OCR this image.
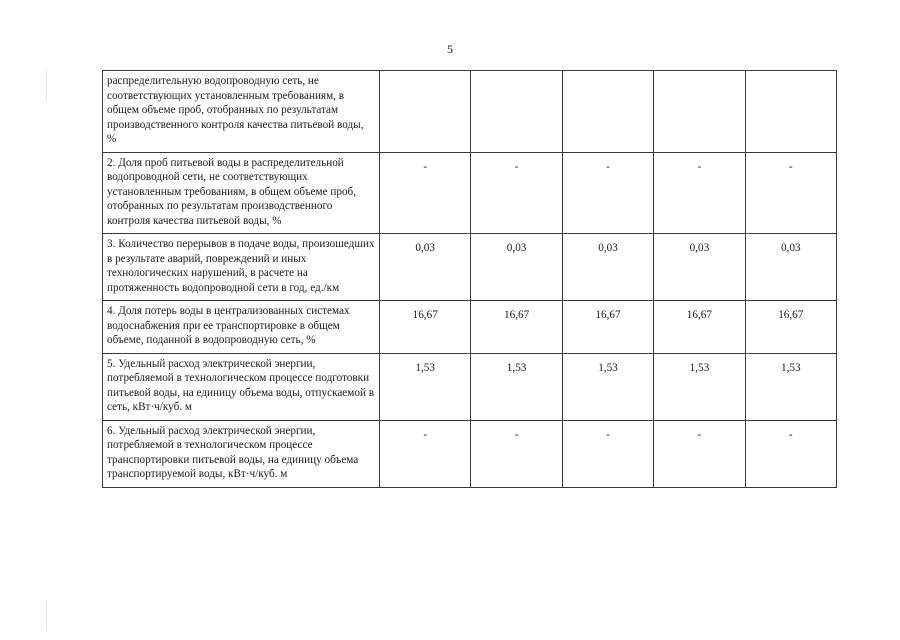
5
распределительную водопроводную сеть, не соответствующих установленным требованиям, в общем объеме проб, отобранных по результатам производственного контроля качества питьевой воды, %					
2. Доля проб питьевой воды в распределительной водопроводной сети, не соответствующих установленным требованиям, в общем объеме проб, отобранных по результатам производственного контроля качества питьевой воды, %	-	-	-	-	-
3. Количество перерывов в подаче воды, произошедших в результате аварий, повреждений и иных технологических нарушений, в расчете на протяженность водопроводной сети в год, ед./км	0,03	0,03	0,03	0,03	0,03
4. Доля потерь воды в централизованных системах водоснабжения при ее транспортировке в общем объеме, поданной в водопроводную сеть, %	16,67	16,67	16,67	16,67	16,67
5. Удельный расход электрической энергии, потребляемой в технологическом процессе подготовки питьевой воды, на единицу объема воды, отпускаемой в сеть, кВт·ч/куб. м	1,53	1,53	1,53	1,53	1,53
6. Удельный расход электрической энергии, потребляемой в технологическом процессе транспортировки питьевой воды, на единицу объема транспортируемой воды, кВт·ч/куб. м	-	-	-	-	-
